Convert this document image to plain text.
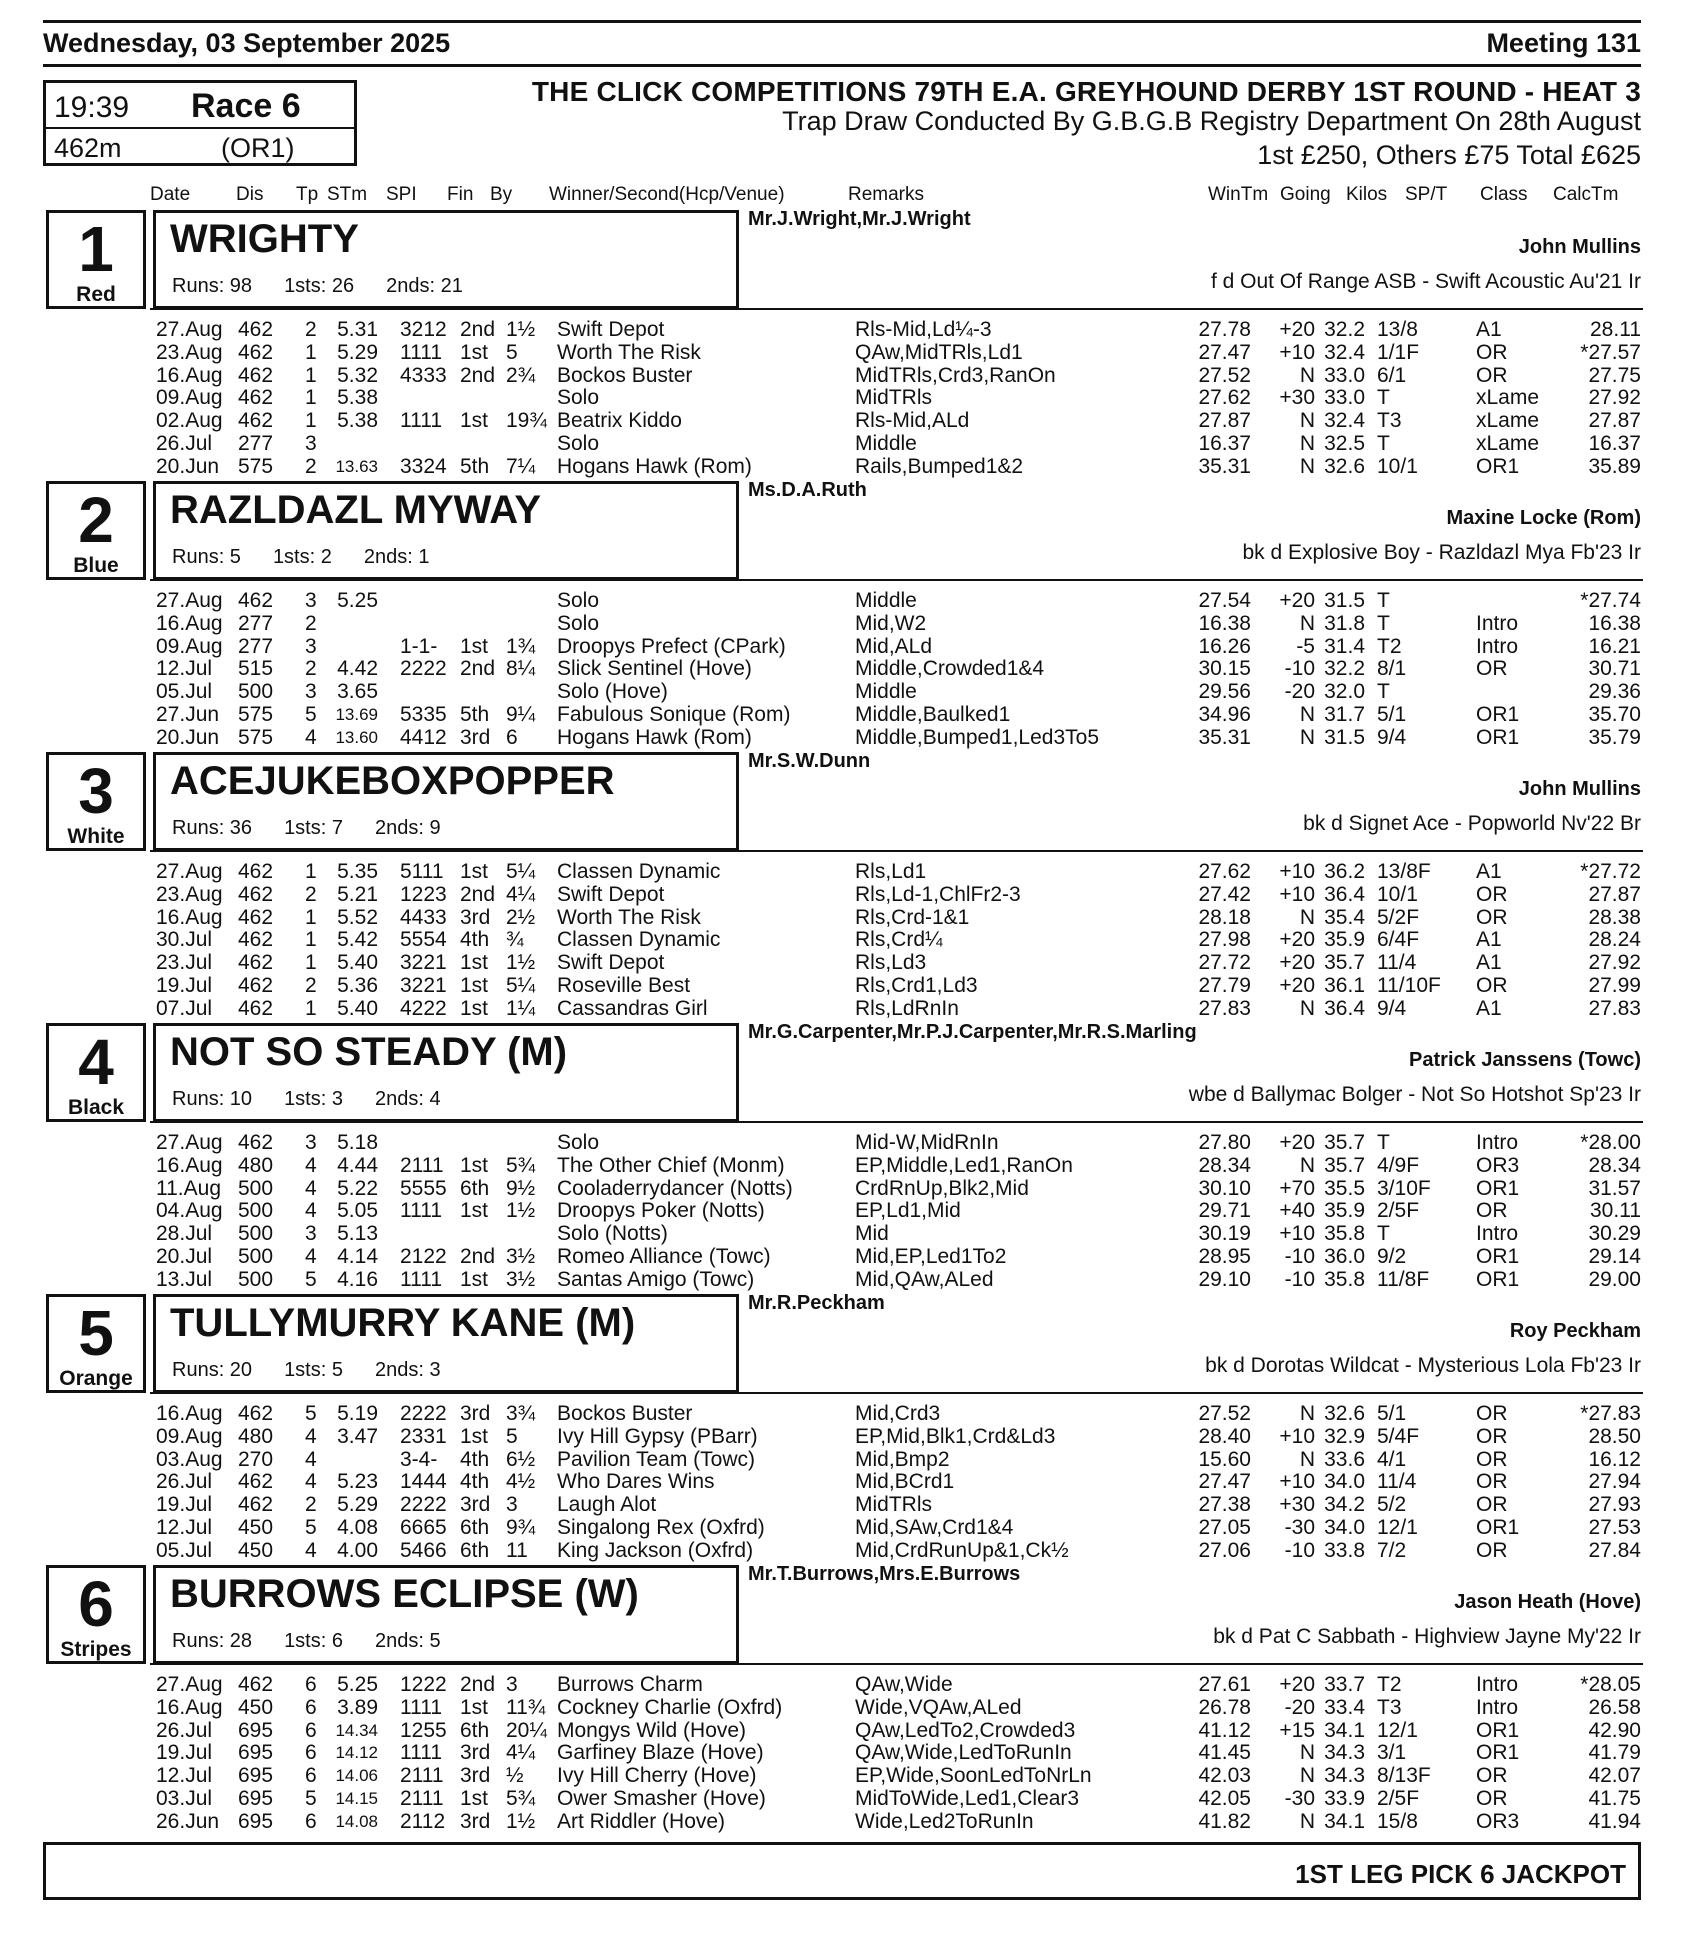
Wednesday, 03 September 2025	Meeting 131
19:39 Race 6
462m	(OR1)
THE CLICK COMPETITIONS 79TH E.A. GREYHOUND DERBY 1ST ROUND - HEAT 3
Trap Draw Conducted By G.B.G.B Registry Department On 28th August
1st £250, Others £75 Total £625
Date Dis Tp STm SPI Fin By Winner/Second(Hcp/Venue)	Remarks	WinTm Going Kilos SP/T Class CalcTm
1
Red
WRIGHTY
Runs: 98 1sts: 26 2nds: 21
Mr.J.Wright,Mr.J.Wright
John Mullins
f d Out Of Range ASB - Swift Acoustic Au'21 Ir
27.Aug 462 2 5.31 3212 2nd 1½ Swift Depot	Rls-Mid,Ld¼-3	27.78 +20 32.2 13/8	A1	28.11
23.Aug 462 1 5.29 1111 1st 5 Worth The Risk	QAw,MidTRls,Ld1	27.47 +10 32.4 1/1F	OR	*27.57
16.Aug 462 1 5.32 4333 2nd 2¾ Bockos Buster	MidTRls,Crd3,RanOn	27.52 N 33.0 6/1	OR	27.75
09.Aug 462 1 5.38	Solo	MidTRls	27.62 +30 33.0 T	xLame 27.92
02.Aug 462 1 5.38 1111 1st 19¾ Beatrix Kiddo	Rls-Mid,ALd	27.87 N 32.4 T3	xLame 27.87
26.Jul 277 3	Solo	Middle	16.37 N 32.5 T	xLame 16.37
20.Jun 575 2 13.63 3324 5th 7¼ Hogans Hawk (Rom)	Rails,Bumped1&2	35.31 N 32.6 10/1	OR1	35.89
2
Blue
RAZLDAZL MYWAY
Runs: 5 1sts: 2 2nds: 1
Ms.D.A.Ruth
Maxine Locke (Rom)
bk d Explosive Boy - Razldazl Mya Fb'23 Ir
27.Aug 462 3 5.25	Solo	Middle	27.54 +20 31.5 T	*27.74
16.Aug 277 2	Solo	Mid,W2	16.38 N 31.8 T	Intro	16.38
09.Aug 277 3	1-1- 1st 1¾ Droopys Prefect (CPark)	Mid,ALd	16.26 -5 31.4 T2	Intro	16.21
12.Jul 515 2 4.42 2222 2nd 8¼ Slick Sentinel (Hove)	Middle,Crowded1&4	30.15 -10 32.2 8/1	OR	30.71
05.Jul 500 3 3.65	Solo (Hove)	Middle	29.56 -20 32.0 T	29.36
27.Jun 575 5 13.69 5335 5th 9¼ Fabulous Sonique (Rom)	Middle,Baulked1	34.96 N 31.7 5/1	OR1	35.70
20.Jun 575 4 13.60 4412 3rd 6 Hogans Hawk (Rom)	Middle,Bumped1,Led3To5	35.31 N 31.5 9/4	OR1	35.79
3
White
ACEJUKEBOXPOPPER
Runs: 36 1sts: 7 2nds: 9
Mr.S.W.Dunn
John Mullins
bk d Signet Ace - Popworld Nv'22 Br
27.Aug 462 1 5.35 5111 1st 5¼ Classen Dynamic	Rls,Ld1	27.62 +10 36.2 13/8F A1	*27.72
23.Aug 462 2 5.21 1223 2nd 4¼ Swift Depot	Rls,Ld-1,ChlFr2-3	27.42 +10 36.4 10/1	OR	27.87
16.Aug 462 1 5.52 4433 3rd 2½ Worth The Risk	Rls,Crd-1&1	28.18 N 35.4 5/2F	OR	28.38
30.Jul 462 1 5.42 5554 4th ¾ Classen Dynamic	Rls,Crd¼	27.98 +20 35.9 6/4F	A1	28.24
23.Jul 462 1 5.40 3221 1st 1½ Swift Depot	Rls,Ld3	27.72 +20 35.7 11/4	A1	27.92
19.Jul 462 2 5.36 3221 1st 5¼ Roseville Best	Rls,Crd1,Ld3	27.79 +20 36.1 11/10F OR	27.99
07.Jul 462 1 5.40 4222 1st 1¼ Cassandras Girl	Rls,LdRnIn	27.83 N 36.4 9/4	A1	27.83
4
Black
NOT SO STEADY (M)
Runs: 10 1sts: 3 2nds: 4
Mr.G.Carpenter,Mr.P.J.Carpenter,Mr.R.S.Marling
Patrick Janssens (Towc)
wbe d Ballymac Bolger - Not So Hotshot Sp'23 Ir
27.Aug 462 3 5.18	Solo	Mid-W,MidRnIn	27.80 +20 35.7 T	Intro	*28.00
16.Aug 480 4 4.44 2111 1st 5¾ The Other Chief (Monm)	EP,Middle,Led1,RanOn	28.34 N 35.7 4/9F	OR3	28.34
11.Aug 500 4 5.22 5555 6th 9½ Cooladerrydancer (Notts)	CrdRnUp,Blk2,Mid	30.10 +70 35.5 3/10F OR1	31.57
04.Aug 500 4 5.05 1111 1st 1½ Droopys Poker (Notts)	EP,Ld1,Mid	29.71 +40 35.9 2/5F	OR	30.11
28.Jul 500 3 5.13	Solo (Notts)	Mid	30.19 +10 35.8 T	Intro	30.29
20.Jul 500 4 4.14 2122 2nd 3½ Romeo Alliance (Towc)	Mid,EP,Led1To2	28.95 -10 36.0 9/2	OR1	29.14
13.Jul 500 5 4.16 1111 1st 3½ Santas Amigo (Towc)	Mid,QAw,ALed	29.10 -10 35.8 11/8F OR1	29.00
5
Orange
TULLYMURRY KANE (M)
Runs: 20 1sts: 5 2nds: 3
Mr.R.Peckham
Roy Peckham
bk d Dorotas Wildcat - Mysterious Lola Fb'23 Ir
16.Aug 462 5 5.19 2222 3rd 3¾ Bockos Buster	Mid,Crd3	27.52 N 32.6 5/1	OR	*27.83
09.Aug 480 4 3.47 2331 1st 5 Ivy Hill Gypsy (PBarr)	EP,Mid,Blk1,Crd&Ld3	28.40 +10 32.9 5/4F	OR	28.50
03.Aug 270 4	3-4- 4th 6½ Pavilion Team (Towc)	Mid,Bmp2	15.60 N 33.6 4/1	OR	16.12
26.Jul 462 4 5.23 1444 4th 4½ Who Dares Wins	Mid,BCrd1	27.47 +10 34.0 11/4	OR	27.94
19.Jul 462 2 5.29 2222 3rd 3 Laugh Alot	MidTRls	27.38 +30 34.2 5/2	OR	27.93
12.Jul 450 5 4.08 6665 6th 9¾ Singalong Rex (Oxfrd)	Mid,SAw,Crd1&4	27.05 -30 34.0 12/1	OR1	27.53
05.Jul 450 4 4.00 5466 6th 11 King Jackson (Oxfrd)	Mid,CrdRunUp&1,Ck½	27.06 -10 33.8 7/2	OR	27.84
6
Stripes
BURROWS ECLIPSE (W)
Runs: 28 1sts: 6 2nds: 5
Mr.T.Burrows,Mrs.E.Burrows
Jason Heath (Hove)
bk d Pat C Sabbath - Highview Jayne My'22 Ir
27.Aug 462 6 5.25 1222 2nd 3 Burrows Charm	QAw,Wide	27.61 +20 33.7 T2	Intro	*28.05
16.Aug 450 6 3.89 1111 1st 11¾ Cockney Charlie (Oxfrd)	Wide,VQAw,ALed	26.78 -20 33.4 T3	Intro	26.58
26.Jul 695 6 14.34 1255 6th 20¼ Mongys Wild (Hove)	QAw,LedTo2,Crowded3	41.12 +15 34.1 12/1	OR1	42.90
19.Jul 695 6 14.12 1111 3rd 4¼ Garfiney Blaze (Hove)	QAw,Wide,LedToRunIn	41.45 N 34.3 3/1	OR1	41.79
12.Jul 695 6 14.06 2111 3rd ½ Ivy Hill Cherry (Hove)	EP,Wide,SoonLedToNrLn	42.03 N 34.3 8/13F OR	42.07
03.Jul 695 5 14.15 2111 1st 5¾ Ower Smasher (Hove)	MidToWide,Led1,Clear3	42.05 -30 33.9 2/5F	OR	41.75
26.Jun 695 6 14.08 2112 3rd 1½ Art Riddler (Hove)	Wide,Led2ToRunIn	41.82 N 34.1 15/8	OR3	41.94
1ST LEG PICK 6 JACKPOT
